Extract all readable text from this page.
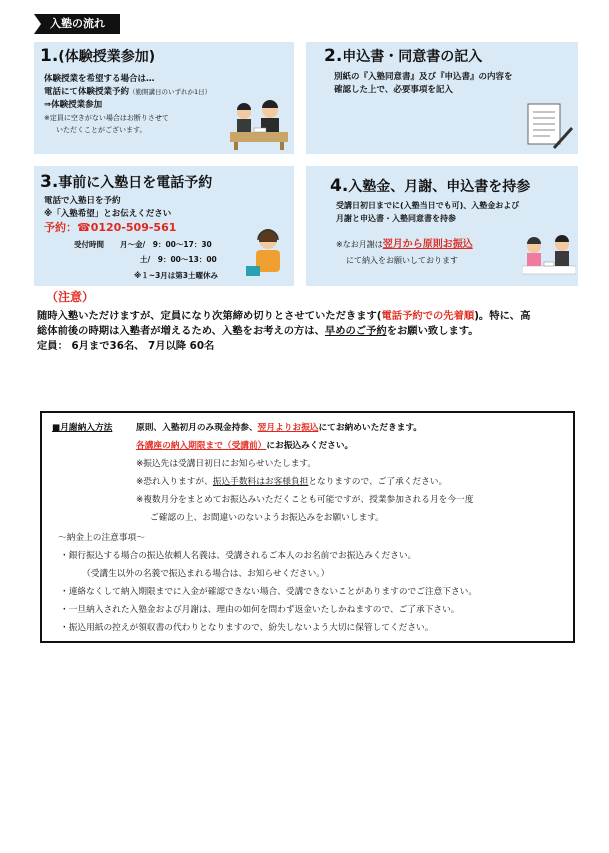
入塾の流れ
1.(体験授業参加)
体験授業を希望する場合は…
電話にて体験授業予約（勤開講日のいずれか1日）
⇒体験授業参加
※定員に空きがない場合はお断りさせて
いただくことがございます。
2.申込書・同意書の記入
別紙の『入塾同意書』及び『申込書』の内容を
確認した上で、必要事項を記入
3.事前に入塾日を電話予約
電話で入塾日を予約
※「入塾希望」とお伝えください
予約：☎0120-509-561
受付時間 月～金/　9：00～17：30
土/　9：00～13：00
※１~3月は第3土曜休み
4.入塾金、月謝、申込書を持参
受講日初日までに(入塾当日でも可)、入塾金および
月謝と申込書・入塾同意書を持参
※なお月謝は翌月から原則お振込
にて納入をお願いしております
（注意）
随時入塾いただけますが、定員になり次第締め切りとさせていただきます(電話予約での先着順)。特に、高
総体前後の時期は入塾者が増えるため、入塾をお考えの方は、早めのご予約をお願い致します。
定員： 6月まで36名、 7月以降 60名
■月謝納入方法	原則、入塾初月のみ現金持参、翌月よりお振込にてお納めいただきます。
各講座の納入期限まで（受講前）にお振込みください。
※振込先は受講日初日にお知らせいたします。
※恐れ入りますが、振込手数料はお客様負担となりますので、ご了承ください。
※複数月分をまとめてお振込みいただくことも可能ですが、授業参加される月を今一度
ご確認の上、お間違いのないようお振込みをお願いします。
～納金上の注意事項～
・銀行振込する場合の振込依頼人名義は、受講されるご本人のお名前でお振込みください。
（受講生以外の名義で振込まれる場合は、お知らせください。）
・連絡なくして納入期限までに入金が確認できない場合、受講できないことがありますのでご注意下さい。
・一旦納入された入塾金および月謝は、理由の如何を問わず返金いたしかねますので、ご了承下さい。
・振込用紙の控えが領収書の代わりとなりますので、紛失しないよう大切に保管してください。
